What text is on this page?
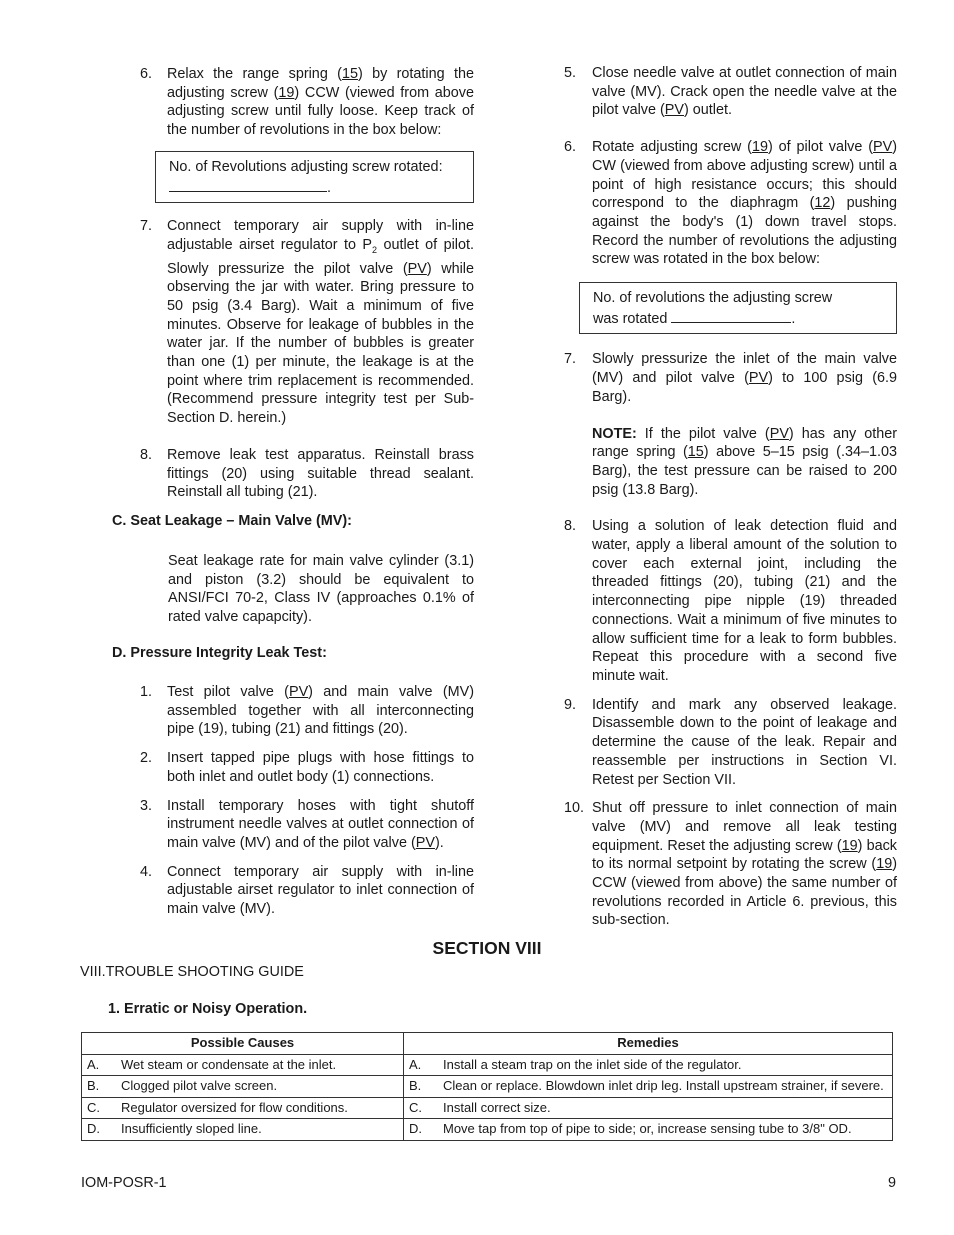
6.	Relax the range spring (15) by rotating the adjusting screw (19) CCW (viewed from above adjusting screw until fully loose. Keep track of the number of revolutions in the box below:
No. of Revolutions adjusting screw rotated:
.
7.	Connect temporary air supply with in-line adjustable airset regulator to $P_2$ outlet of pilot. Slowly pressurize the pilot valve (PV) while observing the jar with water. Bring pressure to 50 psig (3.4 Barg). Wait a minimum of five minutes. Observe for leakage of bubbles in the water jar. If the number of bubbles is greater than one (1) per minute, the leakage is at the point where trim replacement is recommended. (Recommend pressure integrity test per Sub-Section D. herein.)
8.	Remove leak test apparatus. Reinstall brass fittings (20) using suitable thread sealant. Reinstall all tubing (21).
C. Seat Leakage – Main Valve (MV):
Seat leakage rate for main valve cylinder (3.1) and piston (3.2) should be equivalent to ANSI/FCI 70-2, Class IV (approaches 0.1% of rated valve capapcity).
D. Pressure Integrity Leak Test:
1.	Test pilot valve (PV) and main valve (MV) assembled together with all interconnecting pipe (19), tubing (21) and fittings (20).
2.	Insert tapped pipe plugs with hose fittings to both inlet and outlet body (1) connections.
3.	Install temporary hoses with tight shutoff instrument needle valves at outlet connection of main valve (MV) and of the pilot valve (PV).
4.	Connect temporary air supply with in-line adjustable airset regulator to inlet connection of main valve (MV).
5.	Close needle valve at outlet connection of main valve (MV). Crack open the needle valve at the pilot valve (PV) outlet.
6.	Rotate adjusting screw (19) of pilot valve (PV) CW (viewed from above adjusting screw) until a point of high resistance occurs; this should correspond to the diaphragm (12) pushing against the body's (1) down travel stops. Record the number of revolutions the adjusting screw was rotated in the box below:
No. of revolutions the adjusting screw
was rotated	.
7.	Slowly pressurize the inlet of the main valve (MV) and pilot valve (PV) to 100 psig (6.9 Barg).
NOTE: If the pilot valve (PV) has any other range spring (15) above 5–15 psig (.34–1.03 Barg), the test pressure can be raised to 200 psig (13.8 Barg).
8.	Using a solution of leak detection fluid and water, apply a liberal amount of the solution to cover each external joint, including the threaded fittings (20), tubing (21) and the interconnecting pipe nipple (19) threaded connections. Wait a minimum of five minutes to allow sufficient time for a leak to form bubbles. Repeat this procedure with a second five minute wait.
9.	Identify and mark any observed leakage. Disassemble down to the point of leakage and determine the cause of the leak. Repair and reassemble per instructions in Section VI. Retest per Section VII.
10. Shut off pressure to inlet connection of main valve (MV) and remove all leak testing equipment. Reset the adjusting screw (19) back to its normal setpoint by rotating the screw (19) CCW (viewed from above) the same number of revolutions recorded in Article 6. previous, this sub-section.
SECTION VIII
VIII.TROUBLE SHOOTING GUIDE
1. Erratic or Noisy Operation.
Possible Causes	Remedies

A. Wet steam or condensate at the inlet.	A. Install a steam trap on the inlet side of the regulator.

B. Clogged pilot valve screen.	B. Clean or replace. Blowdown inlet drip leg. Install upstream strainer, if severe.

C. Regulator oversized for flow conditions.	C. Install correct size.

D. Insufficiently sloped line.	D. Move tap from top of pipe to side; or, increase sensing tube to 3/8" OD.
IOM-POSR-1	9
